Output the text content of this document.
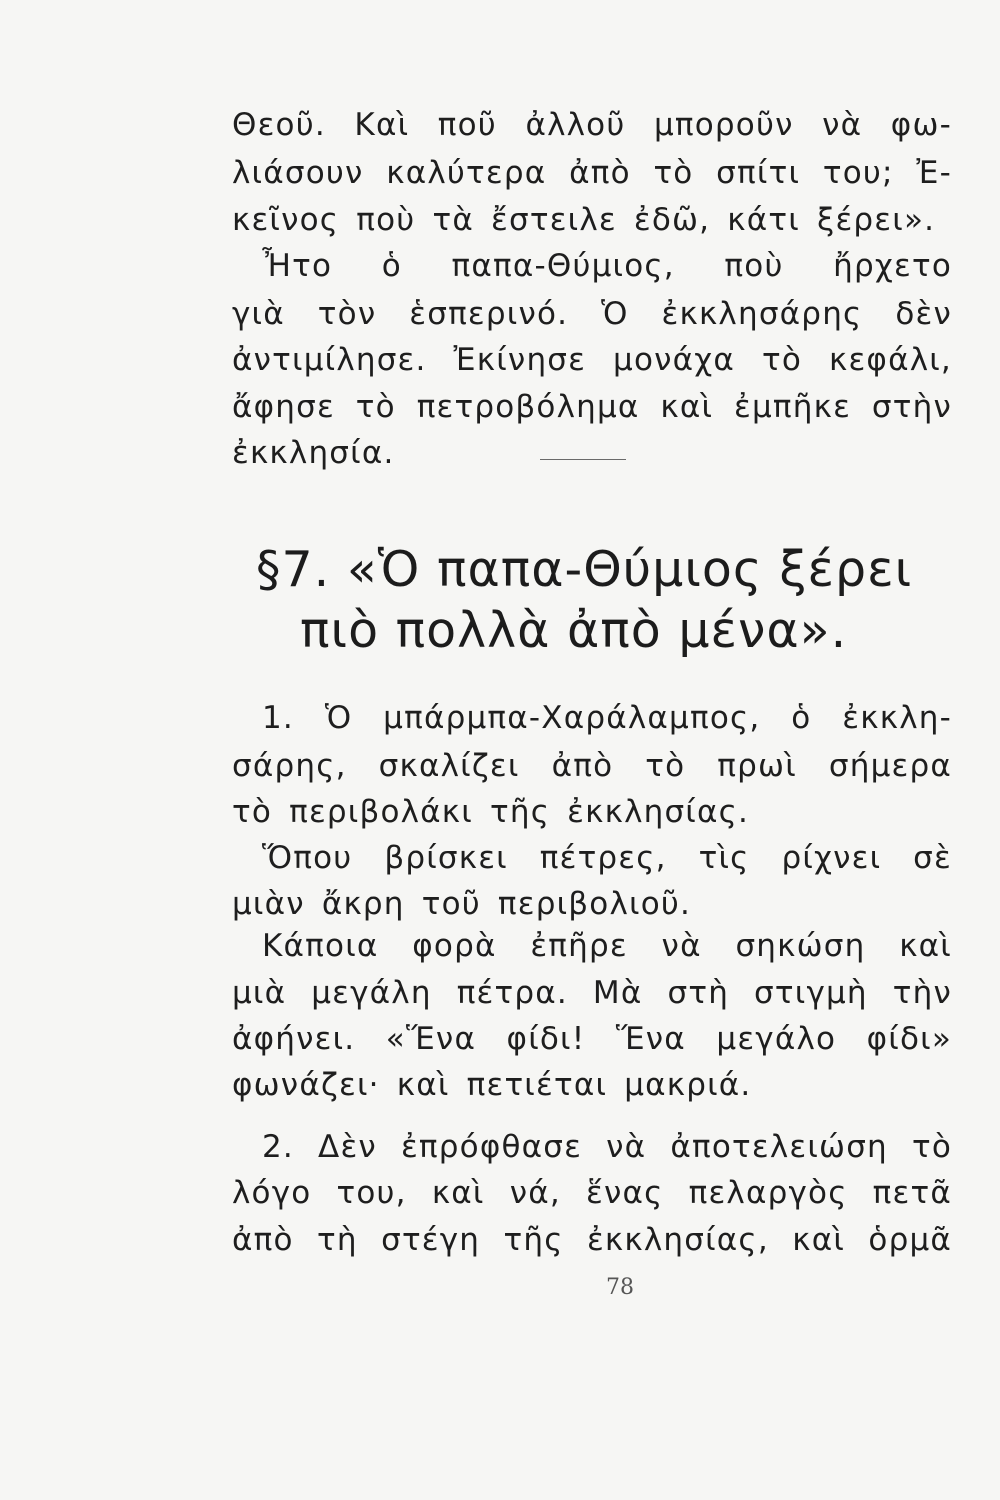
Θεοῦ. Καὶ ποῦ ἀλλοῦ μποροῦν νὰ φω-
λιάσουν καλύτερα ἀπὸ τὸ σπίτι του; Ἐ-
κεῖνος ποὺ τὰ ἔστειλε ἐδῶ, κάτι ξέρει».
Ἦτο ὁ παπα-Θύμιος, ποὺ ἤρχετο
γιὰ τὸν ἑσπερινό. Ὁ ἐκκλησάρης δὲν
ἀντιμίλησε. Ἐκίνησε μονάχα τὸ κεφάλι,
ἄφησε τὸ πετροβόλημα καὶ ἐμπῆκε στὴν
ἐκκλησία.
§7. «Ὁ παπα-Θύμιος ξέρει
πιὸ πολλὰ ἀπὸ μένα».
1. Ὁ μπάρμπα-Χαράλαμπος, ὁ ἐκκλη-
σάρης, σκαλίζει ἀπὸ τὸ πρωὶ σήμερα
τὸ περιβολάκι τῆς ἐκκλησίας.
Ὅπου βρίσκει πέτρες, τὶς ρίχνει σὲ
μιὰν ἄκρη τοῦ περιβολιοῦ.
Κάποια φορὰ ἐπῆρε νὰ σηκώση καὶ
μιὰ μεγάλη πέτρα. Μὰ στὴ στιγμὴ τὴν
ἀφήνει. «Ἕνα φίδι! Ἕνα μεγάλο φίδι»
φωνάζει· καὶ πετιέται μακριά.
2. Δὲν ἐπρόφθασε νὰ ἀποτελειώση τὸ
λόγο του, καὶ νά, ἕνας πελαργὸς πετᾶ
ἀπὸ τὴ στέγη τῆς ἐκκλησίας, καὶ ὁρμᾶ
78
